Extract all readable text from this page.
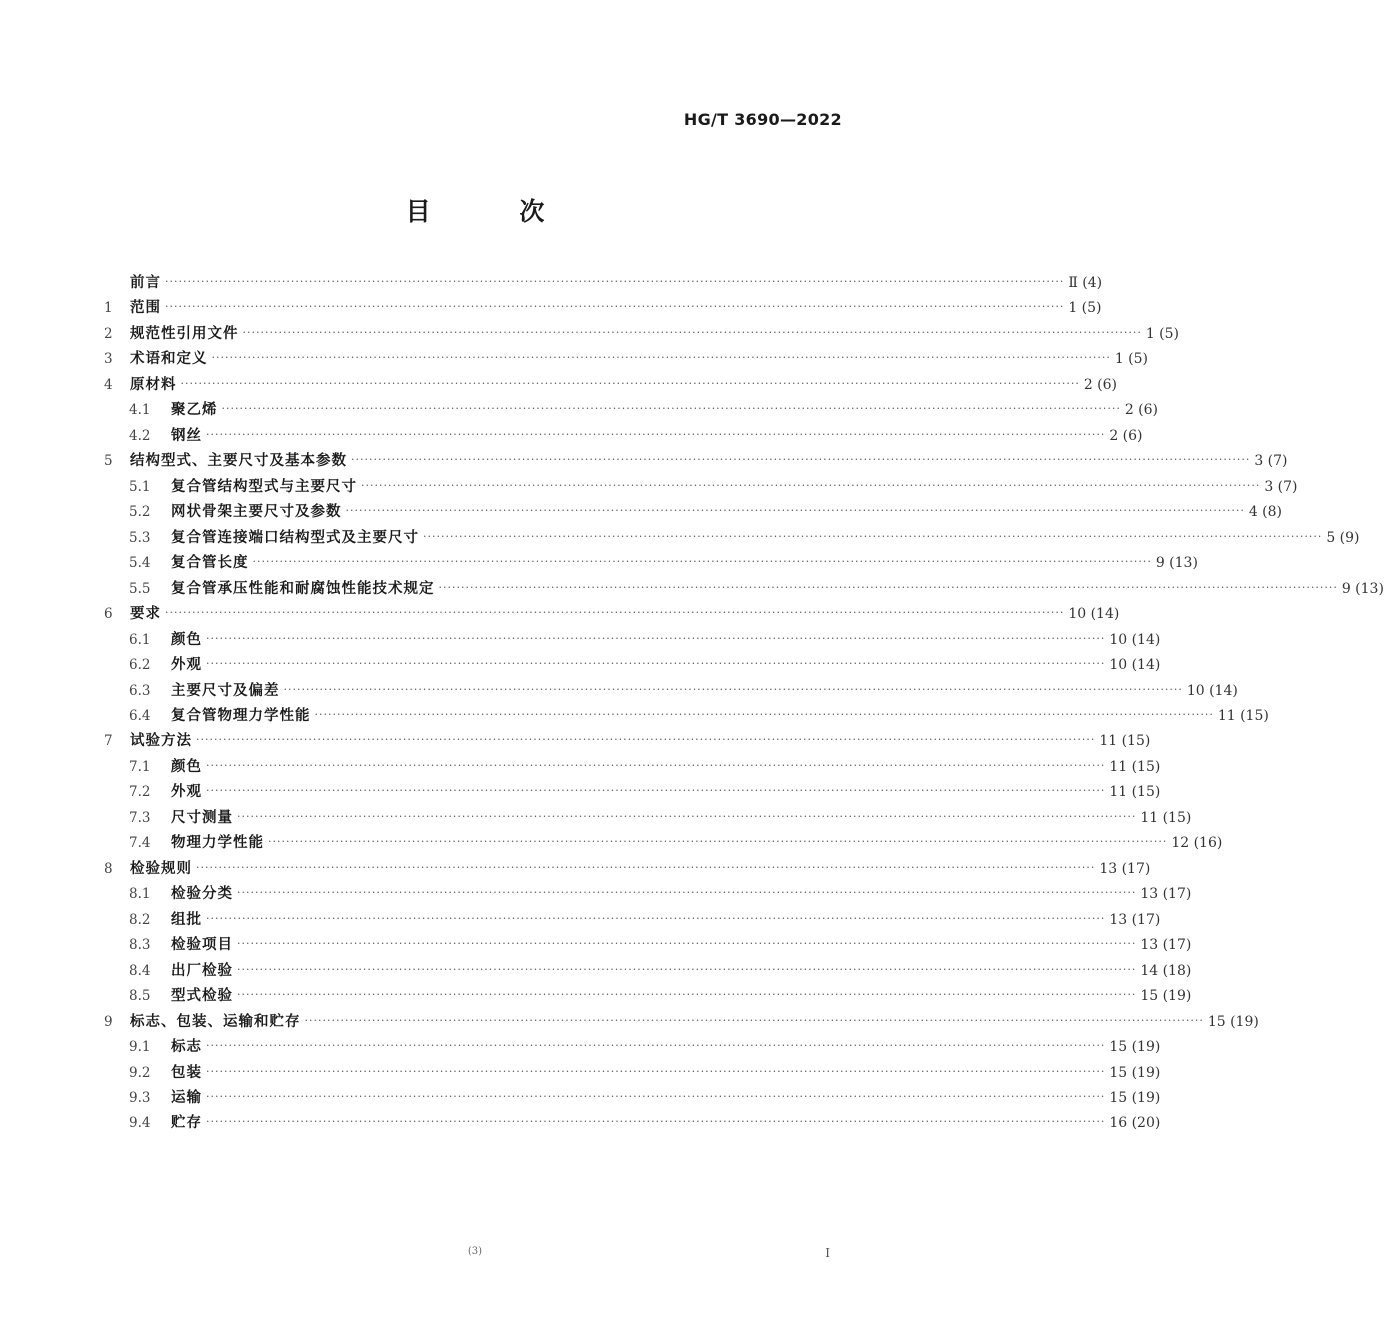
HG/T 3690—2022
目 次
前言 ········································································································································································································ Ⅱ (4)
1	范围 ········································································································································································································ 1 (5)
2	规范性引用文件 ········································································································································································································ 1 (5)
3	术语和定义 ········································································································································································································ 1 (5)
4	原材料 ········································································································································································································ 2 (6)
4.1	聚乙烯 ········································································································································································································ 2 (6)
4.2	钢丝 ········································································································································································································ 2 (6)
5	结构型式、主要尺寸及基本参数 ········································································································································································································ 3 (7)
5.1	复合管结构型式与主要尺寸 ········································································································································································································ 3 (7)
5.2	网状骨架主要尺寸及参数 ········································································································································································································ 4 (8)
5.3	复合管连接端口结构型式及主要尺寸 ········································································································································································································ 5 (9)
5.4	复合管长度 ········································································································································································································ 9 (13)
5.5	复合管承压性能和耐腐蚀性能技术规定 ········································································································································································································ 9 (13)
6	要求 ········································································································································································································ 10 (14)
6.1	颜色 ········································································································································································································ 10 (14)
6.2	外观 ········································································································································································································ 10 (14)
6.3	主要尺寸及偏差 ········································································································································································································ 10 (14)
6.4	复合管物理力学性能 ········································································································································································································ 11 (15)
7	试验方法 ········································································································································································································ 11 (15)
7.1	颜色 ········································································································································································································ 11 (15)
7.2	外观 ········································································································································································································ 11 (15)
7.3	尺寸测量 ········································································································································································································ 11 (15)
7.4	物理力学性能 ········································································································································································································ 12 (16)
8	检验规则 ········································································································································································································ 13 (17)
8.1	检验分类 ········································································································································································································ 13 (17)
8.2	组批 ········································································································································································································ 13 (17)
8.3	检验项目 ········································································································································································································ 13 (17)
8.4	出厂检验 ········································································································································································································ 14 (18)
8.5	型式检验 ········································································································································································································ 15 (19)
9	标志、包装、运输和贮存 ········································································································································································································ 15 (19)
9.1	标志 ········································································································································································································ 15 (19)
9.2	包装 ········································································································································································································ 15 (19)
9.3	运输 ········································································································································································································ 15 (19)
9.4	贮存 ········································································································································································································ 16 (20)
(3)	I
